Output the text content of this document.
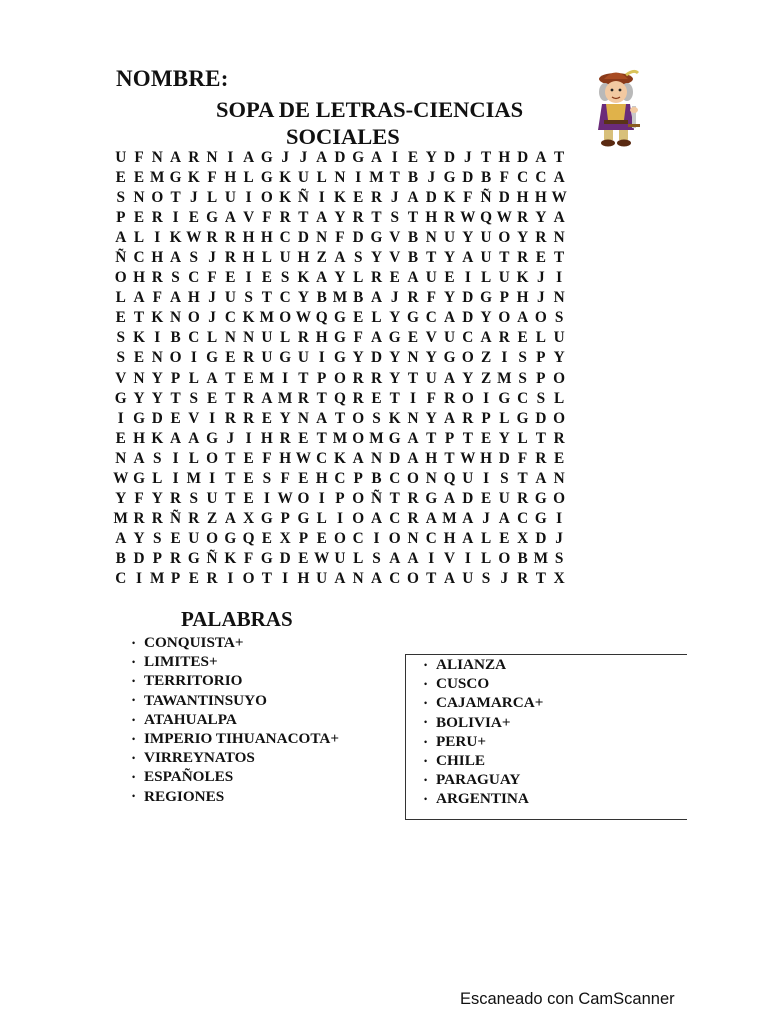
NOMBRE:
SOPA DE LETRAS-CIENCIAS
SOCIALES
U F N A R N I A G J J A D G A I E Y D J T H D A T
E E M G K F H L G K U L N I M T B J G D B F C C A
S N O T J L U I O K Ñ I K E R J A D K F Ñ D H H W
P E R I E G A V F R T A Y R T S T H R W Q W R Y A
A L I K W R R H H C D N F D G V B N U Y U O Y R N
Ñ C H A S J R H L U H Z A S Y V B T Y A U T R E T
O H R S C F E I E S K A Y L R E A U E I L U K J I
L A F A H J U S T C Y B M B A J R F Y D G P H J N
E T K N O J C K M O W Q G E L Y G C A D Y O A O S
S K I B C L N N U L R H G F A G E V U C A R E L U
S E N O I G E R U G U I G Y D Y N Y G O Z I S P Y
V N Y P L A T E M I T P O R R Y T U A Y Z M S P O
G Y Y T S E T R A M R T Q R E T I F R O I G C S L
I G D E V I R R E Y N A T O S K N Y A R P L G D O
E H K A A G J I H R E T M O M G A T P T E Y L T R
N A S I L O T E F H W C K A N D A H T W H D F R E
W G L I M I T E S F E H C P B C O N Q U I S T A N
Y F Y R S U T E I W O I P O Ñ T R G A D E U R G O
M R R Ñ R Z A X G P G L I O A C R A M A J A C G I
A Y S E U O G Q E X P E O C I O N C H A L E X D J
B D P R G Ñ K F G D E W U L S A A I V I L O B M S
C I M P E R I O T I H U A N A C O T A U S J R T X
PALABRAS
• CONQUISTA+
• LIMITES+
• TERRITORIO
• TAWANTINSUYO
• ATAHUALPA
• IMPERIO TIHUANACOTA+
• VIRREYNATOS
• ESPAÑOLES
• REGIONES
• ALIANZA
• CUSCO
• CAJAMARCA+
• BOLIVIA+
• PERU+
• CHILE
• PARAGUAY
• ARGENTINA
Escaneado con CamScanner
